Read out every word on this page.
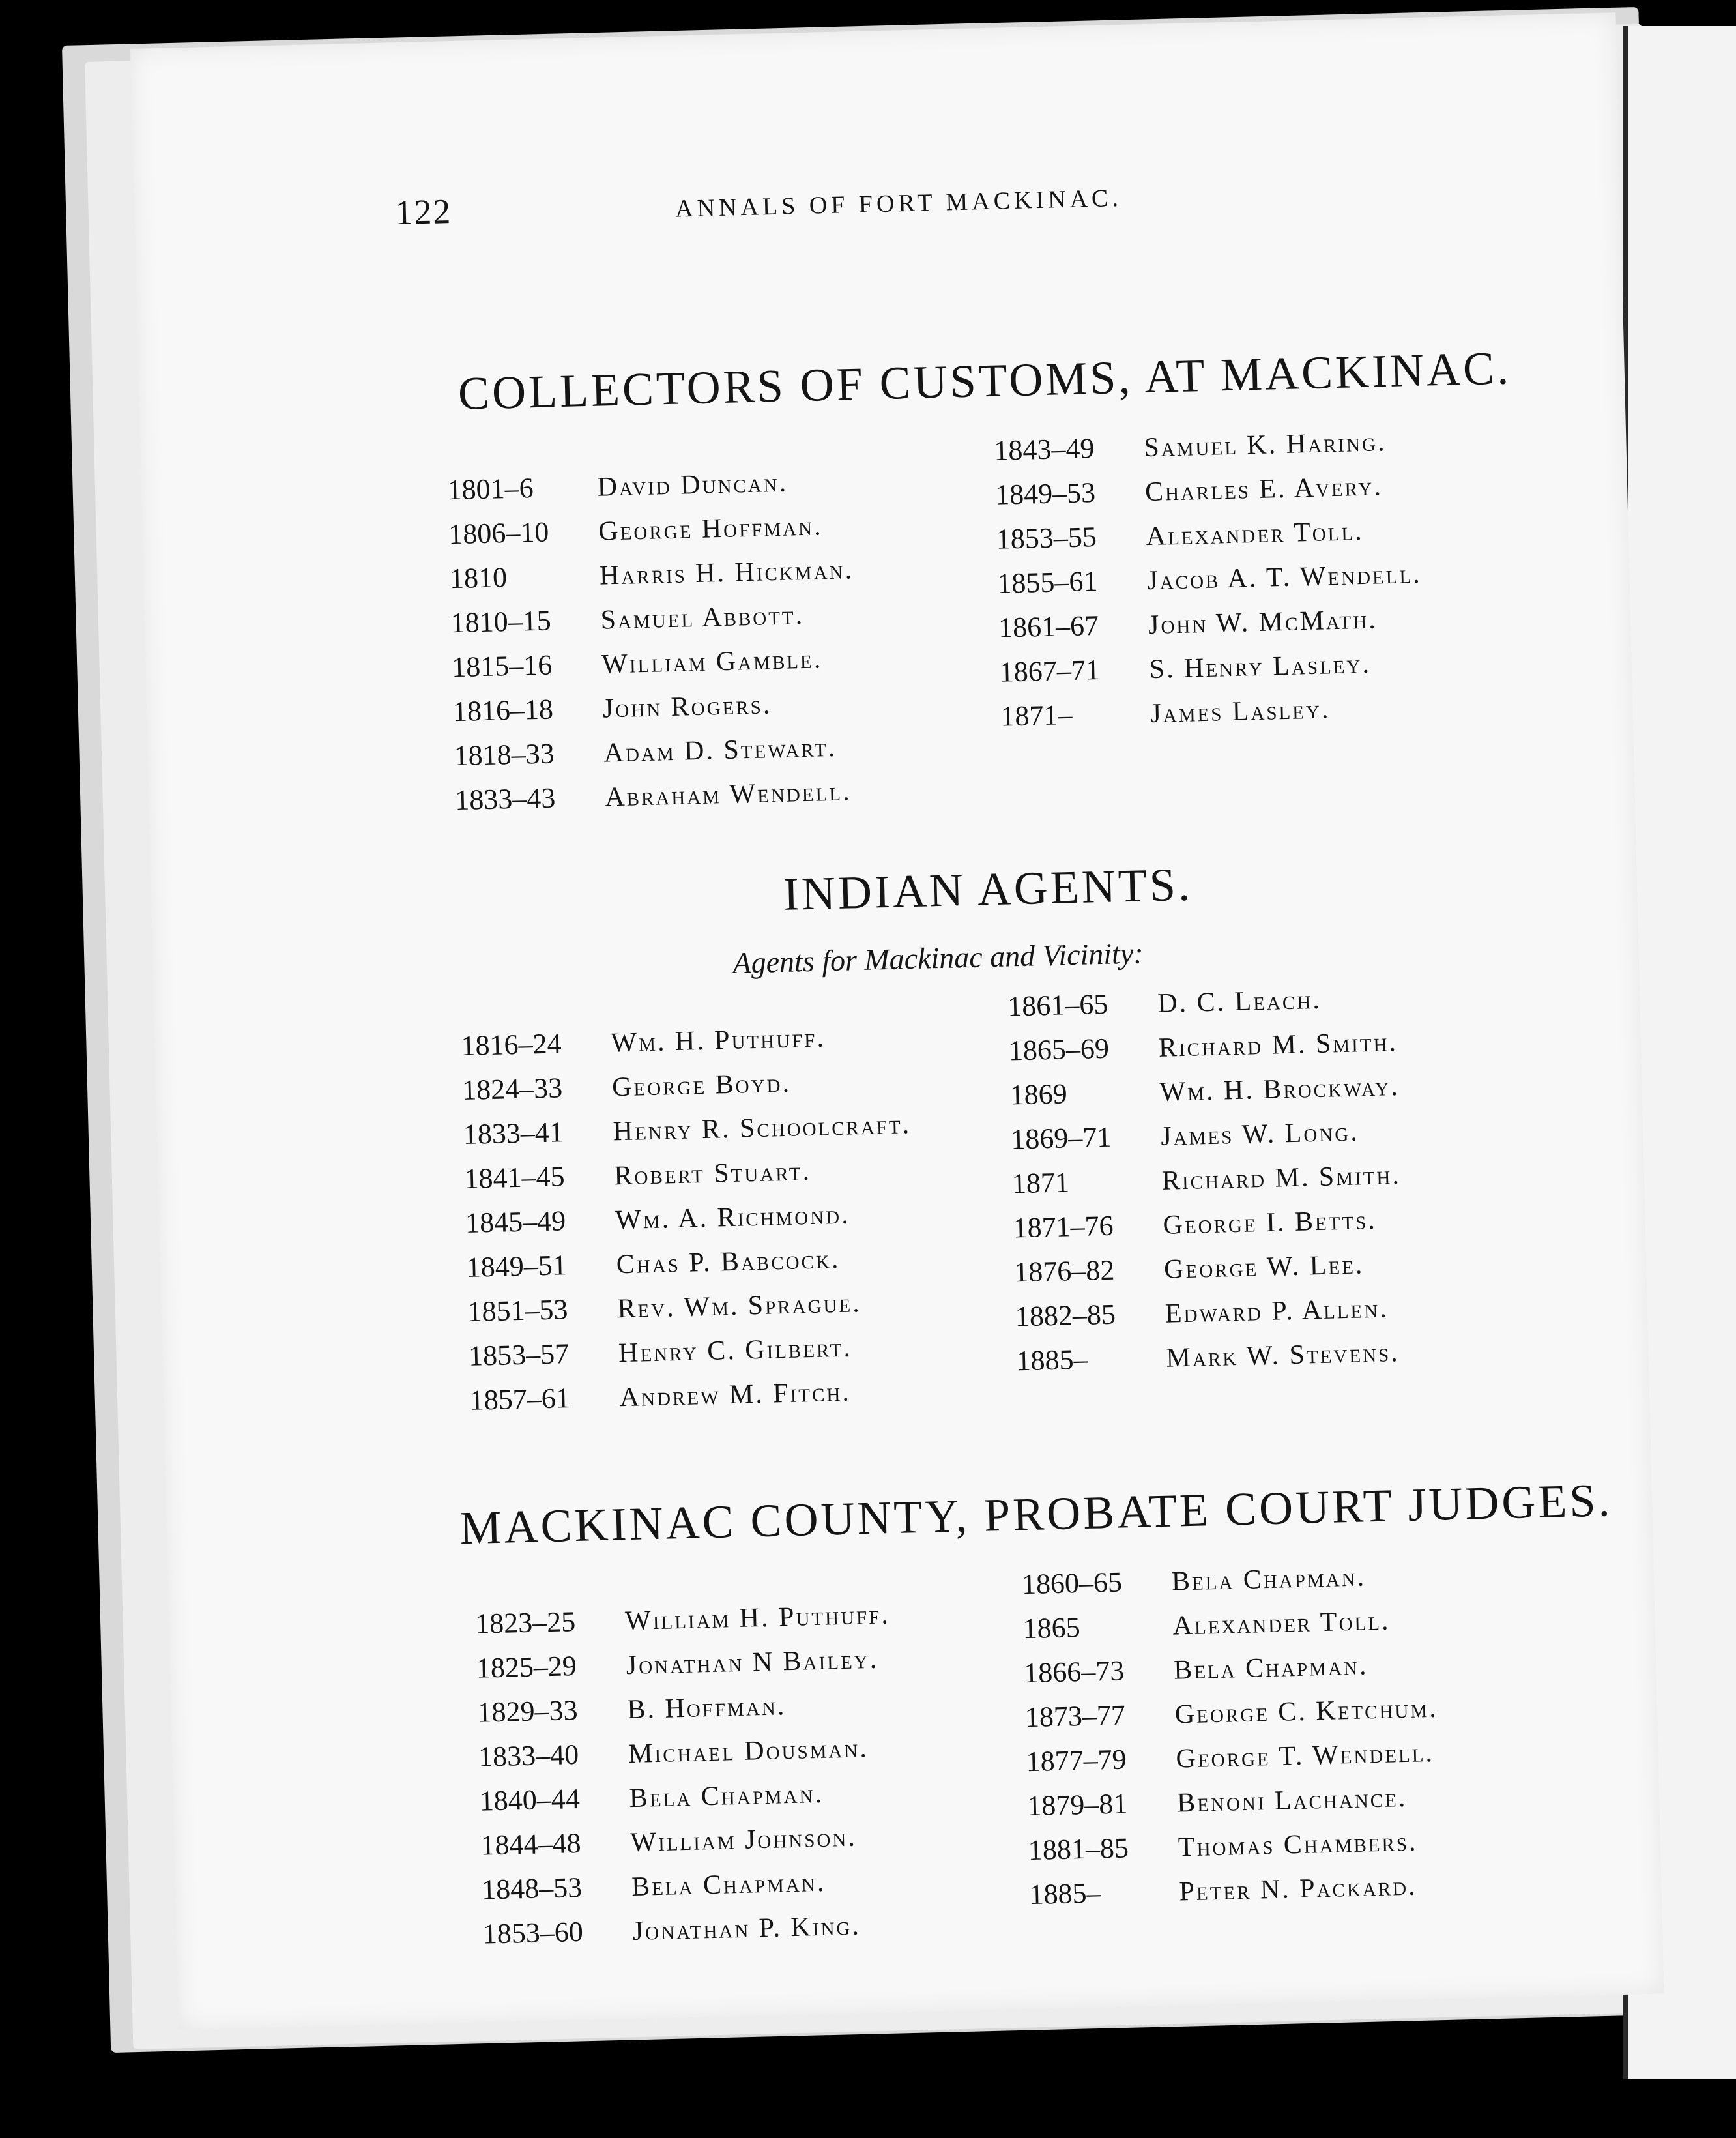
122	ANNALS OF FORT MACKINAC.
COLLECTORS OF CUSTOMS, AT MACKINAC.
1801–6	David Duncan.
1806–10	George Hoffman.
1810	Harris H. Hickman.
1810–15	Samuel Abbott.
1815–16	William Gamble.
1816–18	John Rogers.
1818–33	Adam D. Stewart.
1833–43	Abraham Wendell.
1843–49	Samuel K. Haring.
1849–53	Charles E. Avery.
1853–55	Alexander Toll.
1855–61	Jacob A. T. Wendell.
1861–67	John W. McMath.
1867–71	S. Henry Lasley.
1871–	James Lasley.
INDIAN AGENTS.
Agents for Mackinac and Vicinity:
1816–24	Wm. H. Puthuff.
1824–33	George Boyd.
1833–41	Henry R. Schoolcraft.
1841–45	Robert Stuart.
1845–49	Wm. A. Richmond.
1849–51	Chas P. Babcock.
1851–53	Rev. Wm. Sprague.
1853–57	Henry C. Gilbert.
1857–61	Andrew M. Fitch.
1861–65	D. C. Leach.
1865–69	Richard M. Smith.
1869	Wm. H. Brockway.
1869–71	James W. Long.
1871	Richard M. Smith.
1871–76	George I. Betts.
1876–82	George W. Lee.
1882–85	Edward P. Allen.
1885–	Mark W. Stevens.
MACKINAC COUNTY, PROBATE COURT JUDGES.
1823–25	William H. Puthuff.
1825–29	Jonathan N Bailey.
1829–33	B. Hoffman.
1833–40	Michael Dousman.
1840–44	Bela Chapman.
1844–48	William Johnson.
1848–53	Bela Chapman.
1853–60	Jonathan P. King.
1860–65	Bela Chapman.
1865	Alexander Toll.
1866–73	Bela Chapman.
1873–77	George C. Ketchum.
1877–79	George T. Wendell.
1879–81	Benoni Lachance.
1881–85	Thomas Chambers.
1885–	Peter N. Packard.
